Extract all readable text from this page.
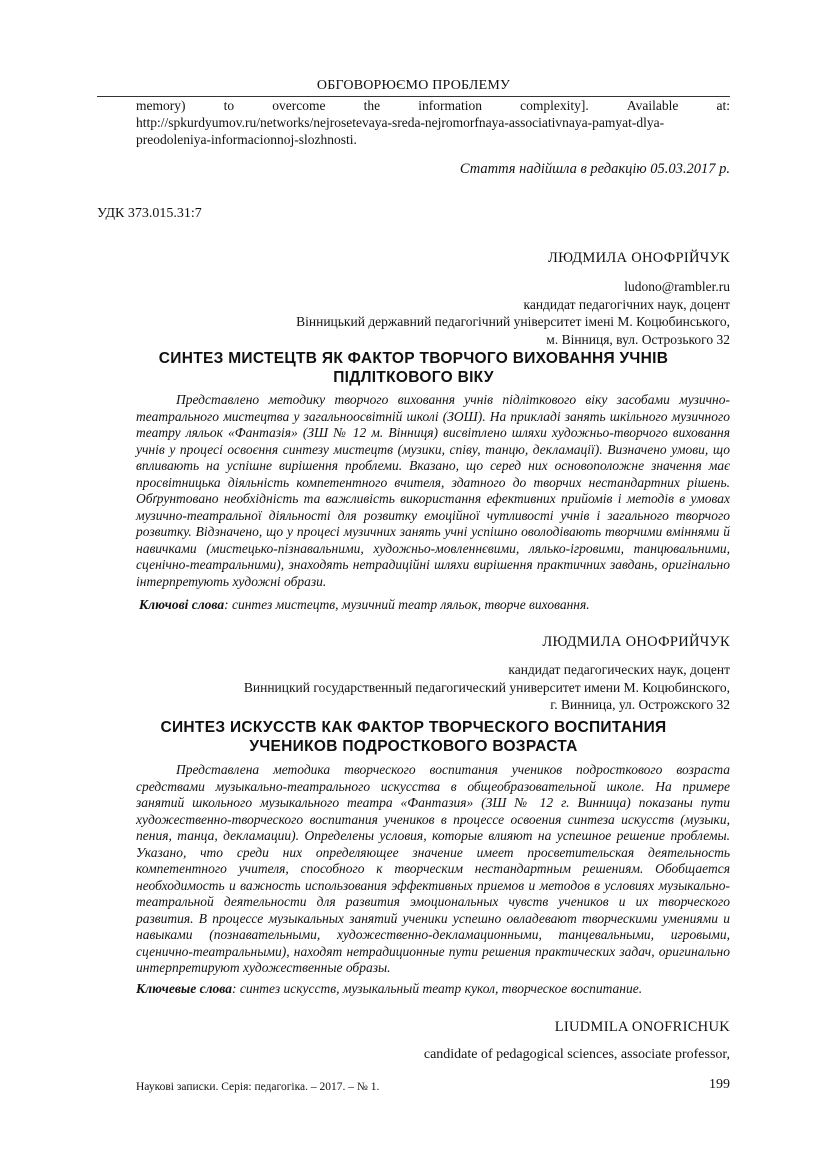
ОБГОВОРЮЄМО ПРОБЛЕМУ
memory)	to	overcome	the	information	complexity].	Available	at:
http://spkurdyumov.ru/networks/nejrosetevaya-sreda-nejromorfnaya-associativnaya-pamyat-dlya-
preodoleniya-informacionnoj-slozhnosti.
Стаття надійшла в редакцію 05.03.2017 р.
УДК 373.015.31:7
ЛЮДМИЛА ОНОФРІЙЧУК
ludono@rambler.ru
кандидат педагогічних наук, доцент
Вінницький державний педагогічний університет імені М. Коцюбинського,
м. Вінниця, вул. Острозького 32
СИНТЕЗ МИСТЕЦТВ ЯК ФАКТОР ТВОРЧОГО ВИХОВАННЯ УЧНІВ
ПІДЛІТКОВОГО ВІКУ

Представлено методику творчого виховання учнів підліткового віку засобами музично-театрального мистецтва у загальноосвітній школі (ЗОШ). На прикладі занять шкільного музичного театру ляльок «Фантазія» (ЗШ № 12 м. Вінниця) висвітлено шляхи художньо-творчого виховання учнів у процесі освоєння синтезу мистецтв (музики, співу, танцю, декламації). Визначено умови, що впливають на успішне вирішення проблеми. Вказано, що серед них основоположне значення має просвітницька діяльність компетентного вчителя, здатного до творчих нестандартних рішень. Обґрунтовано необхідність та важливість використання ефективних прийомів і методів в умовах музично-театральної діяльності для розвитку емоційної чутливості учнів і загального творчого розвитку. Відзначено, що у процесі музичних занять учні успішно оволодівають творчими вміннями й навичками (мистецько-пізнавальними, художньо-мовленнєвими, лялько-ігровими, танцювальними, сценічно-театральними), знаходять нетрадиційні шляхи вирішення практичних завдань, оригінально інтерпретують художні образи.

Ключові слова: синтез мистецтв, музичний театр ляльок, творче виховання.
ЛЮДМИЛА ОНОФРИЙЧУК
кандидат педагогических наук, доцент
Винницкий государственный педагогический университет имени М. Коцюбинского,
г. Винница, ул. Острожского 32
СИНТЕЗ ИСКУССТВ КАК ФАКТОР ТВОРЧЕСКОГО ВОСПИТАНИЯ
УЧЕНИКОВ ПОДРОСТКОВОГО ВОЗРАСТА

Представлена методика творческого воспитания учеников подросткового возраста средствами музыкально-театрального искусства в общеобразовательной школе. На примере занятий школьного музыкального театра «Фантазия» (ЗШ № 12 г. Винница) показаны пути художественно-творческого воспитания учеников в процессе освоения синтеза искусств (музыки, пения, танца, декламации). Определены условия, которые влияют на успешное решение проблемы. Указано, что среди них определяющее значение имеет просветительская деятельность компетентного учителя, способного к творческим нестандартным решениям. Обобщается необходимость и важность использования эффективных приемов и методов в условиях музыкально-театральной деятельности для развития эмоциональных чувств учеников и их творческого развития. В процессе музыкальных занятий ученики успешно овладевают творческими умениями и навыками (познавательными, художественно-декламационными, танцевальными, игровыми, сценично-театральными), находят нетрадиционные пути решения практических задач, оригинально интерпретируют художественные образы.

Ключевые слова: синтез искусств, музыкальный театр кукол, творческое воспитание.
LIUDMILA ONOFRICHUK
candidate of pedagogical sciences, associate professor,
Наукові записки. Серія: педагогіка. – 2017. – № 1.	199
